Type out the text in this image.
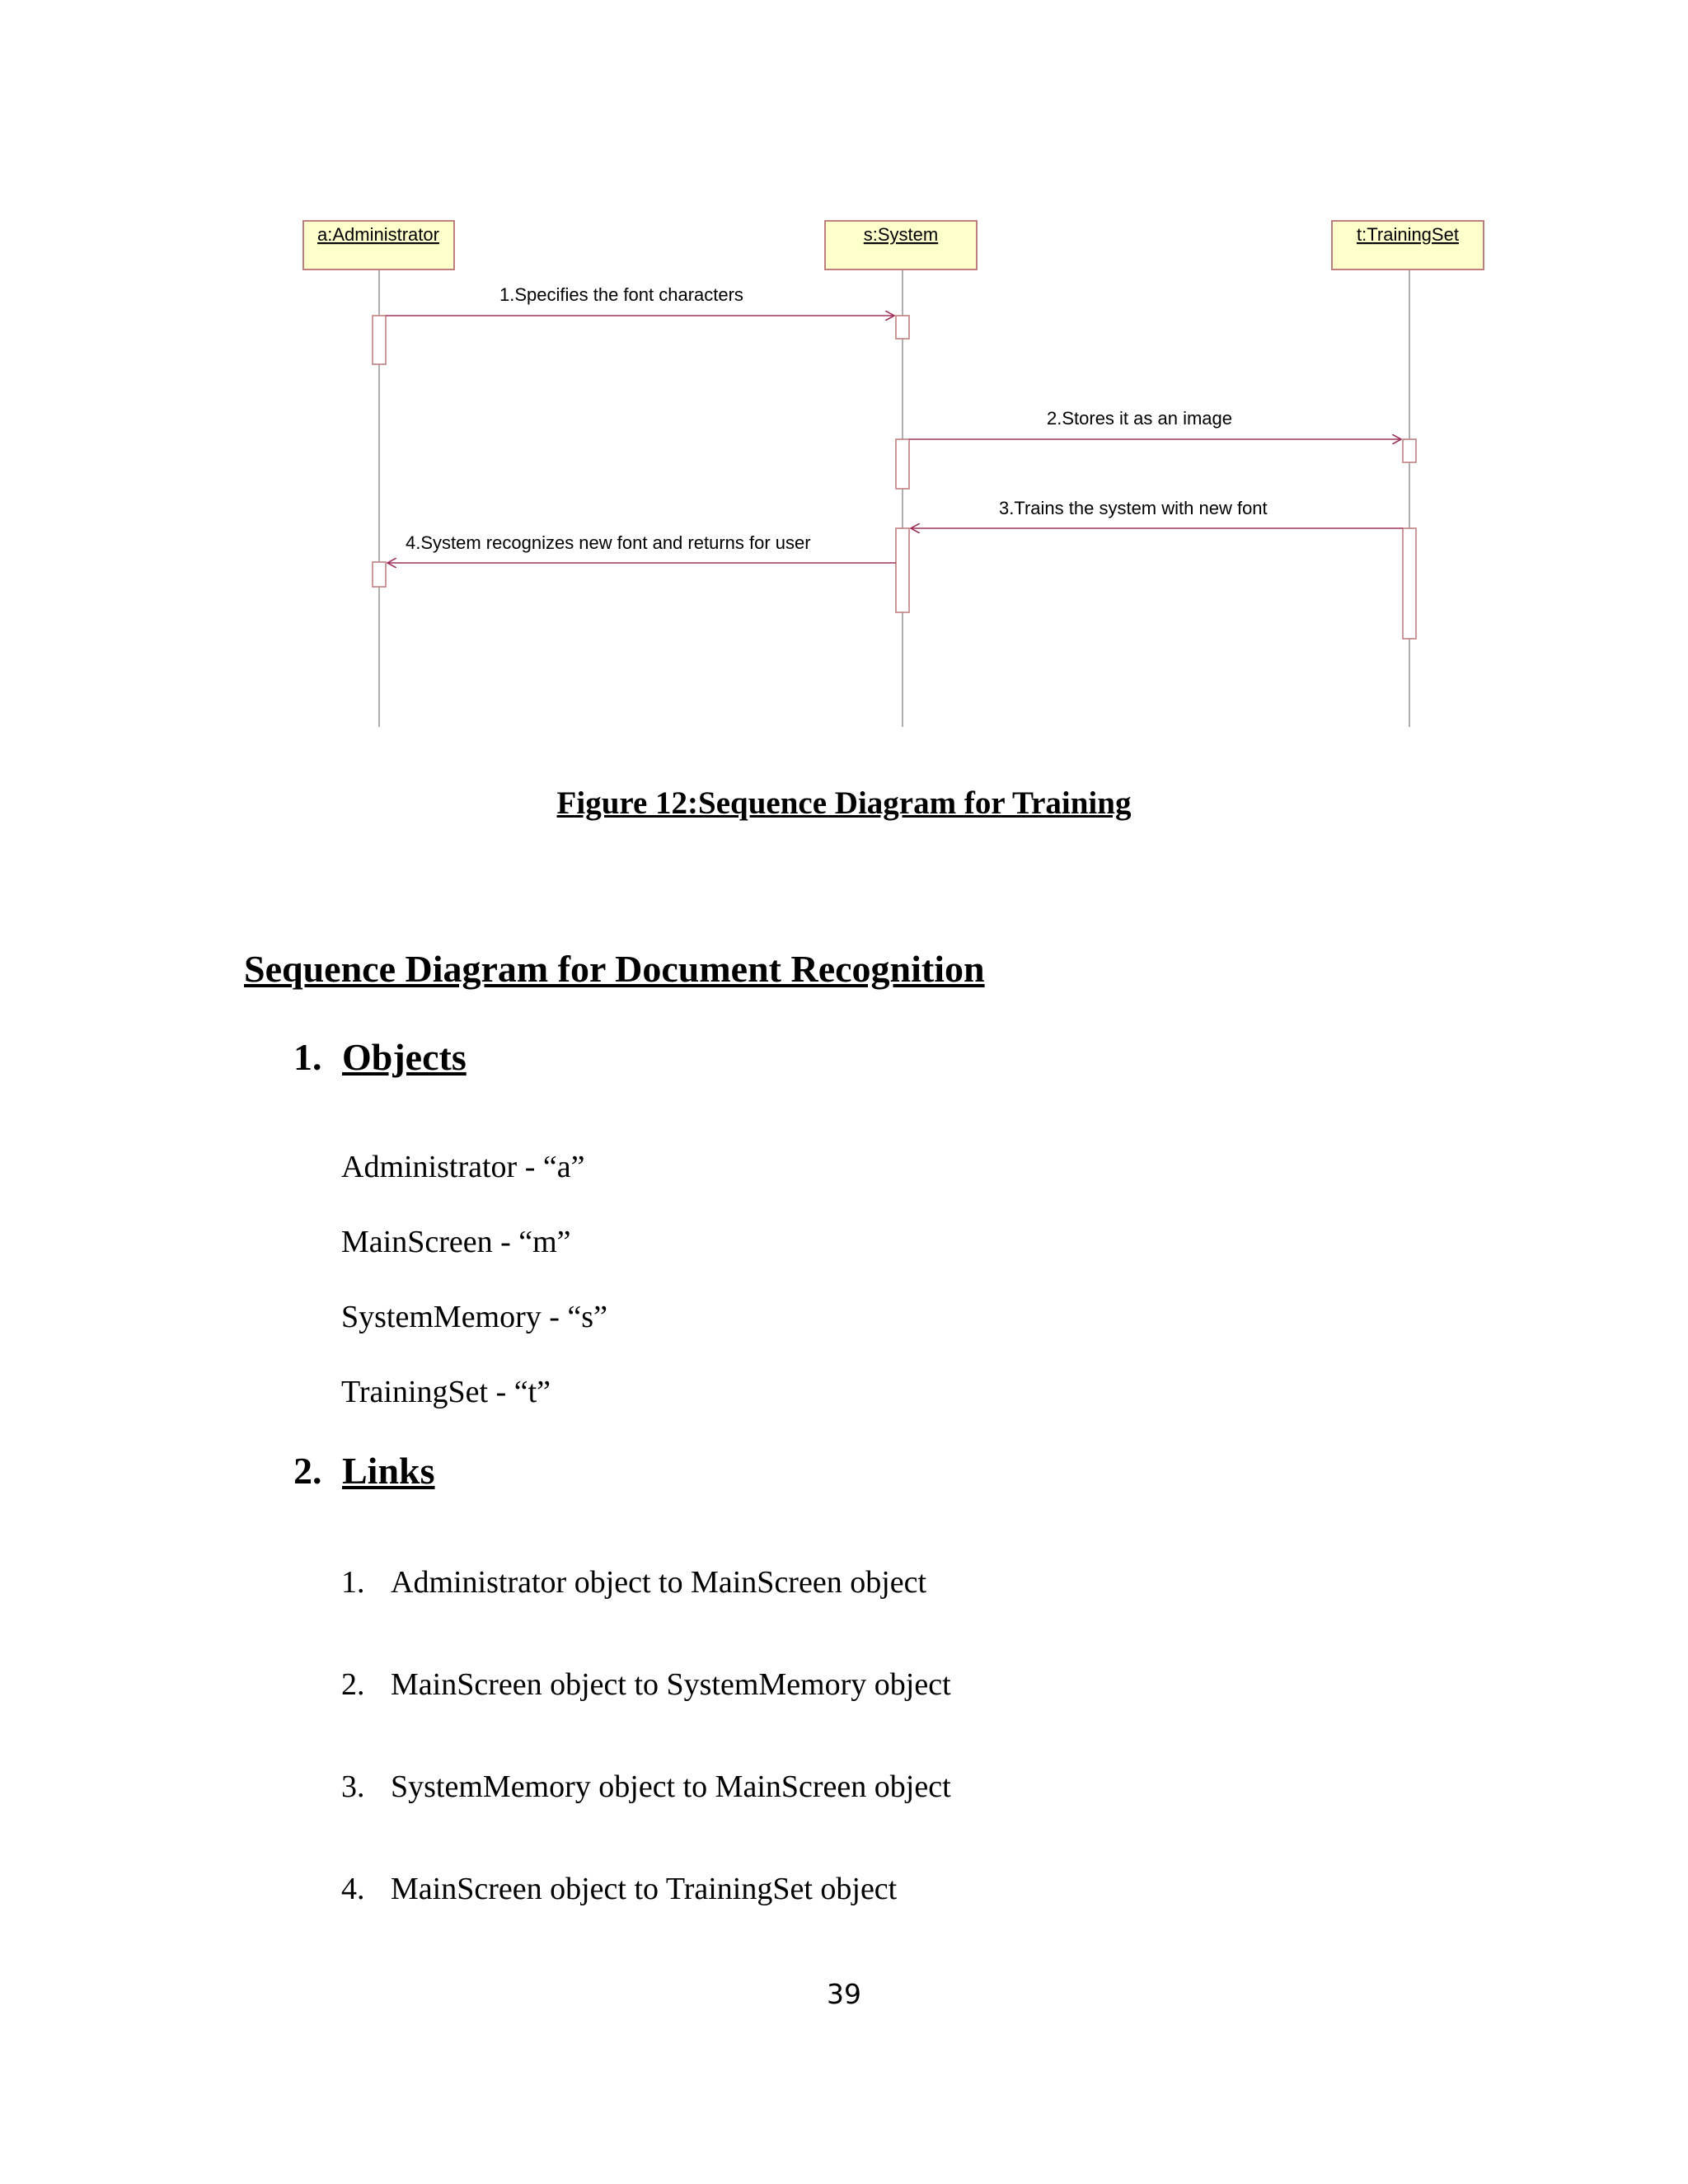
a:Administrator	s:System	t:TrainingSet
1.Specifies the font characters
2.Stores it as an image
3.Trains the system with new font
4.System recognizes new font and returns for user
Figure 12:Sequence Diagram for Training
Sequence Diagram for Document Recognition
1. Objects
Administrator - “a”
MainScreen - “m”
SystemMemory - “s”
TrainingSet - “t”
2. Links
1. Administrator object to MainScreen object
2. MainScreen object to SystemMemory object
3. SystemMemory object to MainScreen object
4. MainScreen object to TrainingSet object
39
